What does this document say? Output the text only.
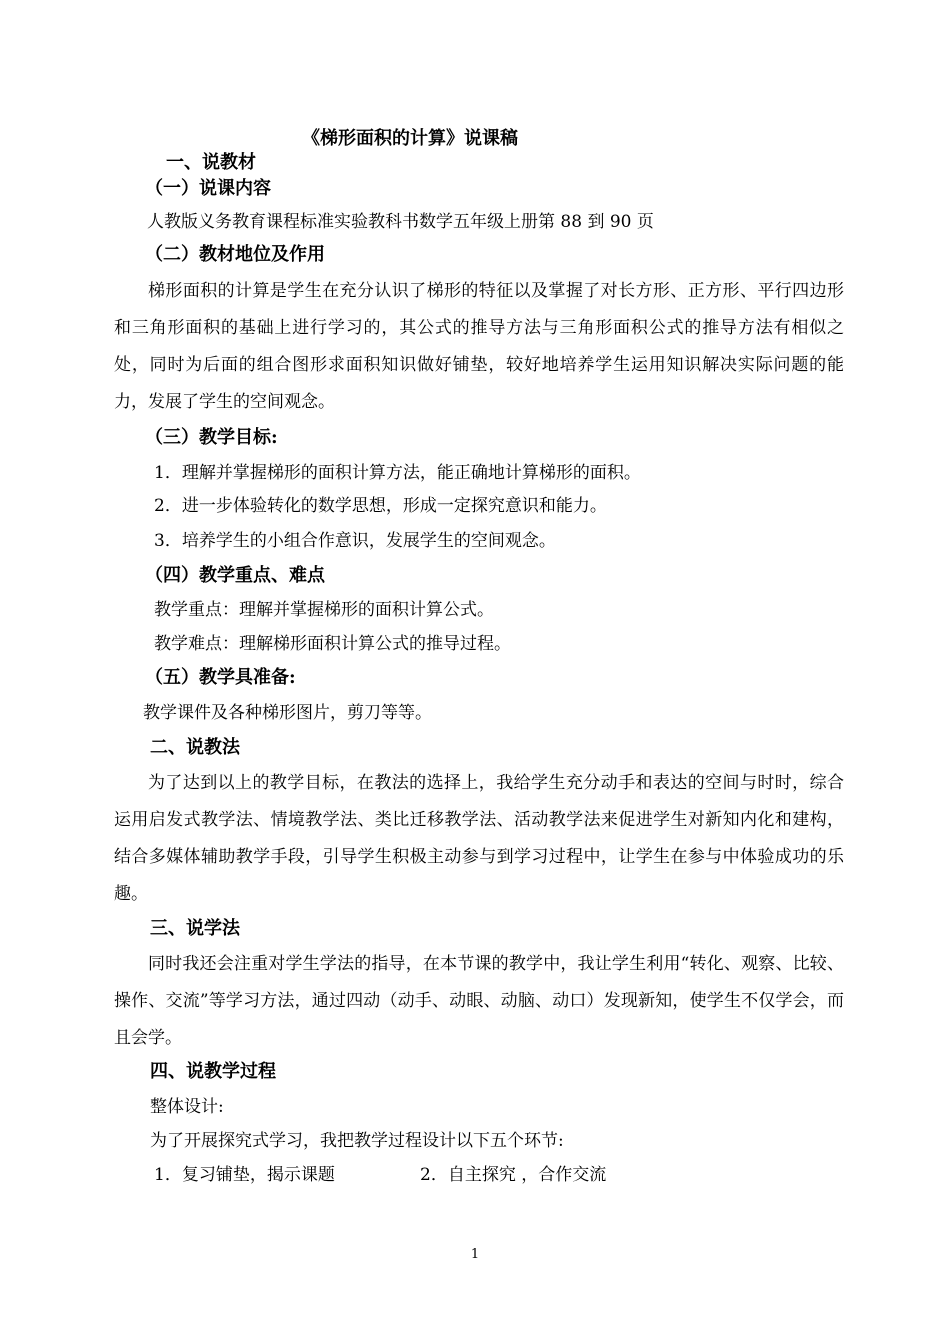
《梯形面积的计算》说课稿
一、说教材
（一）说课内容
人教版义务教育课程标准实验教科书数学五年级上册第 88 到 90 页
（二）教材地位及作用
梯形面积的计算是学生在充分认识了梯形的特征以及掌握了对长方形、正方形、平行四边形和三角形面积的基础上进行学习的，其公式的推导方法与三角形面积公式的推导方法有相似之处，同时为后面的组合图形求面积知识做好铺垫，较好地培养学生运用知识解决实际问题的能力，发展了学生的空间观念。
（三）教学目标:
1．理解并掌握梯形的面积计算方法，能正确地计算梯形的面积。
2．进一步体验转化的数学思想，形成一定探究意识和能力。
3．培养学生的小组合作意识，发展学生的空间观念。
（四）教学重点、难点
教学重点：理解并掌握梯形的面积计算公式。
教学难点：理解梯形面积计算公式的推导过程。
（五）教学具准备:
教学课件及各种梯形图片，剪刀等等。
二、说教法
为了达到以上的教学目标，在教法的选择上，我给学生充分动手和表达的空间与时时，综合运用启发式教学法、情境教学法、类比迁移教学法、活动教学法来促进学生对新知内化和建构，结合多媒体辅助教学手段，引导学生积极主动参与到学习过程中，让学生在参与中体验成功的乐趣。
三、说学法
同时我还会注重对学生学法的指导，在本节课的教学中，我让学生利用“转化、观察、比较、操作、交流”等学习方法，通过四动（动手、动眼、动脑、动口）发现新知，使学生不仅学会，而且会学。
四、说教学过程
整体设计:
为了开展探究式学习，我把教学过程设计以下五个环节:
1．复习铺垫，揭示课题	2．自主探究 ，合作交流
1
